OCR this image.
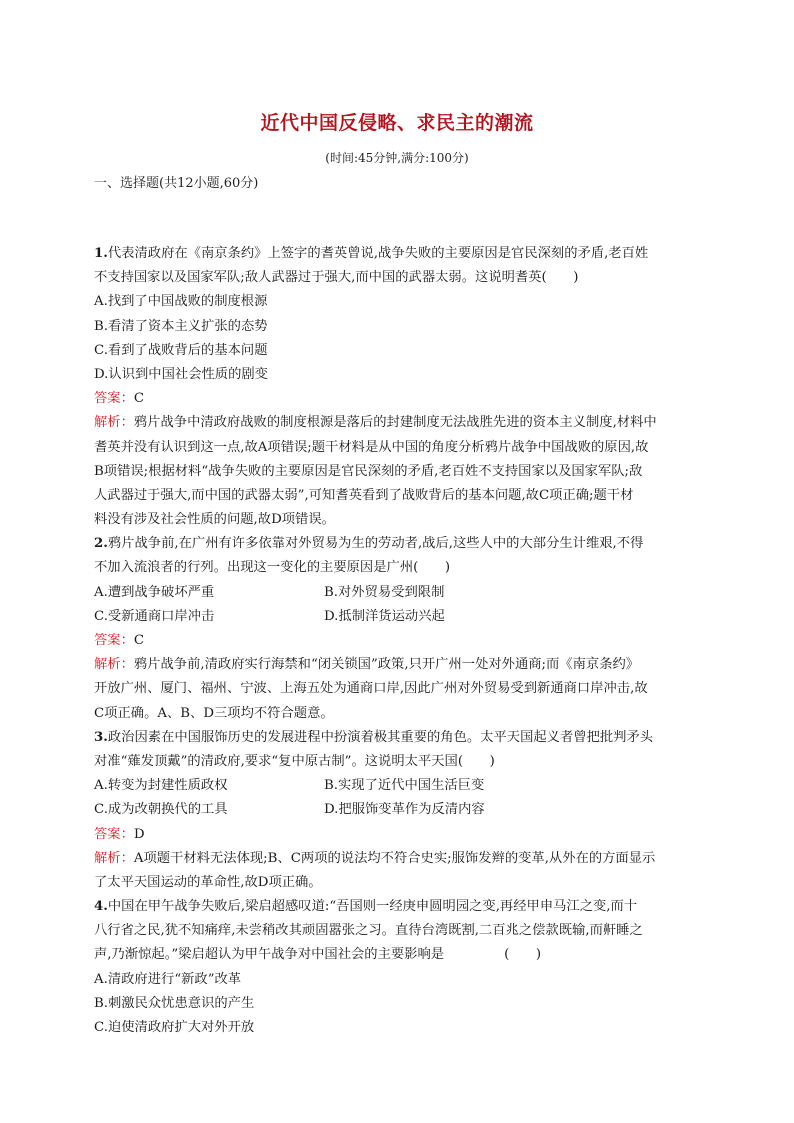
近代中国反侵略、求民主的潮流
(时间:45分钟,满分:100分)
一、选择题(共12小题,60分)
1.代表清政府在《南京条约》上签字的耆英曾说,战争失败的主要原因是官民深刻的矛盾,老百姓
不支持国家以及国家军队;敌人武器过于强大,而中国的武器太弱。这说明耆英(　　)
A.找到了中国战败的制度根源
B.看清了资本主义扩张的态势
C.看到了战败背后的基本问题
D.认识到中国社会性质的剧变
答案：C
解析：鸦片战争中清政府战败的制度根源是落后的封建制度无法战胜先进的资本主义制度,材料中
耆英并没有认识到这一点,故A项错误;题干材料是从中国的角度分析鸦片战争中国战败的原因,故
B项错误;根据材料“战争失败的主要原因是官民深刻的矛盾,老百姓不支持国家以及国家军队;敌
人武器过于强大,而中国的武器太弱”,可知耆英看到了战败背后的基本问题,故C项正确;题干材
料没有涉及社会性质的问题,故D项错误。
2.鸦片战争前,在广州有许多依靠对外贸易为生的劳动者,战后,这些人中的大部分生计维艰,不得
不加入流浪者的行列。出现这一变化的主要原因是广州(　　)
A.遭到战争破坏严重	B.对外贸易受到限制
C.受新通商口岸冲击	D.抵制洋货运动兴起
答案：C
解析：鸦片战争前,清政府实行海禁和“闭关锁国”政策,只开广州一处对外通商;而《南京条约》
开放广州、厦门、福州、宁波、上海五处为通商口岸,因此广州对外贸易受到新通商口岸冲击,故
C项正确。A、B、D三项均不符合题意。
3.政治因素在中国服饰历史的发展进程中扮演着极其重要的角色。太平天国起义者曾把批判矛头
对准“薙发顶戴”的清政府,要求“复中原古制”。这说明太平天国(　　)
A.转变为封建性质政权	B.实现了近代中国生活巨变
C.成为改朝换代的工具	D.把服饰变革作为反清内容
答案：D
解析：A项题干材料无法体现;B、C两项的说法均不符合史实;服饰发辫的变革,从外在的方面显示
了太平天国运动的革命性,故D项正确。
4.中国在甲午战争失败后,梁启超感叹道:“吾国则一经庚申圆明园之变,再经甲申马江之变,而十
八行省之民,犹不知痛痒,未尝稍改其顽固嚣张之习。直待台湾既割,二百兆之偿款既输,而鼾睡之
声,乃渐惊起。”梁启超认为甲午战争对中国社会的主要影响是	(　　)
A.清政府进行“新政”改革
B.刺激民众忧患意识的产生
C.迫使清政府扩大对外开放
